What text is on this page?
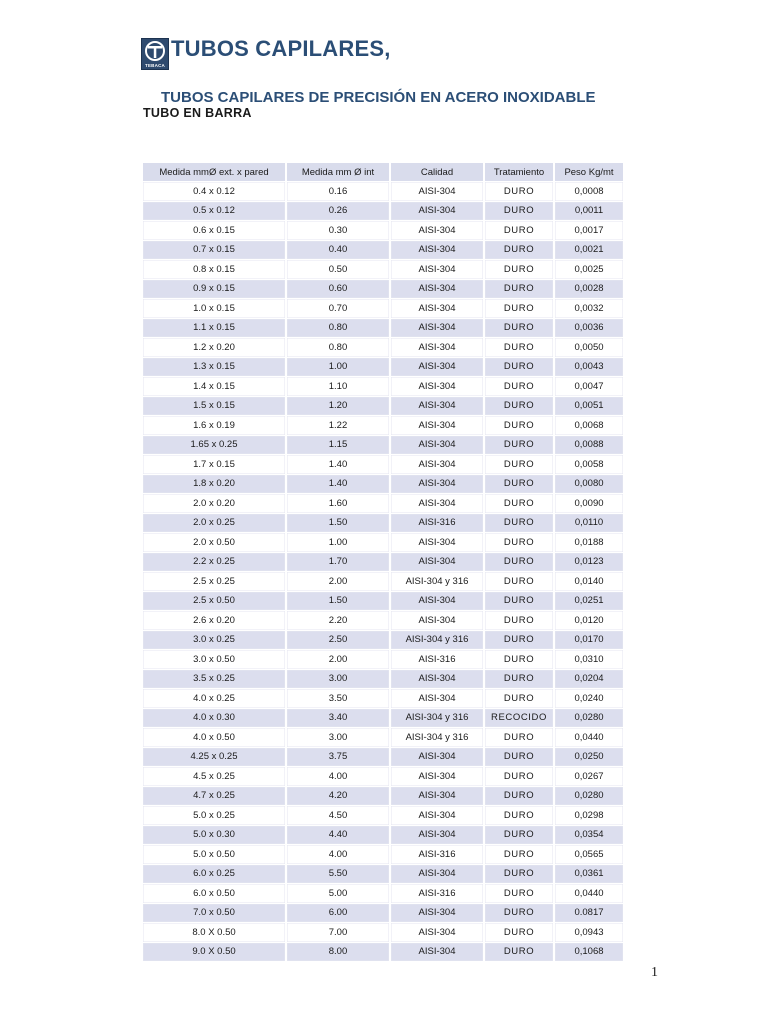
TEBACA
TUBOS CAPILARES,
TUBOS CAPILARES DE PRECISIÓN EN ACERO INOXIDABLE
TUBO EN BARRA
Medida mmØ ext. x pared	Medida mm Ø int	Calidad	Tratamiento	Peso Kg/mt
0.4 x 0.12	0.16	AISI-304	DURO	0,0008
0.5 x 0.12	0.26	AISI-304	DURO	0,0011
0.6 x 0.15	0.30	AISI-304	DURO	0,0017
0.7 x 0.15	0.40	AISI-304	DURO	0,0021
0.8 x 0.15	0.50	AISI-304	DURO	0,0025
0.9 x 0.15	0.60	AISI-304	DURO	0,0028
1.0 x 0.15	0.70	AISI-304	DURO	0,0032
1.1 x 0.15	0.80	AISI-304	DURO	0,0036
1.2 x 0.20	0.80	AISI-304	DURO	0,0050
1.3 x 0.15	1.00	AISI-304	DURO	0,0043
1.4 x 0.15	1.10	AISI-304	DURO	0,0047
1.5 x 0.15	1.20	AISI-304	DURO	0,0051
1.6 x 0.19	1.22	AISI-304	DURO	0,0068
1.65 x 0.25	1.15	AISI-304	DURO	0,0088
1.7 x 0.15	1.40	AISI-304	DURO	0,0058
1.8 x 0.20	1.40	AISI-304	DURO	0,0080
2.0 x 0.20	1.60	AISI-304	DURO	0,0090
2.0 x 0.25	1.50	AISI-316	DURO	0,0110
2.0 x 0.50	1.00	AISI-304	DURO	0,0188
2.2 x 0.25	1.70	AISI-304	DURO	0,0123
2.5 x 0.25	2.00	AISI-304 y 316	DURO	0,0140
2.5 x 0.50	1.50	AISI-304	DURO	0,0251
2.6 x 0.20	2.20	AISI-304	DURO	0,0120
3.0 x 0.25	2.50	AISI-304 y 316	DURO	0,0170
3.0 x 0.50	2.00	AISI-316	DURO	0,0310
3.5 x 0.25	3.00	AISI-304	DURO	0,0204
4.0 x 0.25	3.50	AISI-304	DURO	0,0240
4.0 x 0.30	3.40	AISI-304 y 316	RECOCIDO	0,0280
4.0 x 0.50	3.00	AISI-304 y 316	DURO	0,0440
4.25 x 0.25	3.75	AISI-304	DURO	0,0250
4.5 x 0.25	4.00	AISI-304	DURO	0,0267
4.7 x 0.25	4.20	AISI-304	DURO	0,0280
5.0 x 0.25	4.50	AISI-304	DURO	0,0298
5.0 x 0.30	4.40	AISI-304	DURO	0,0354
5.0 x 0.50	4.00	AISI-316	DURO	0,0565
6.0 x 0.25	5.50	AISI-304	DURO	0,0361
6.0 x 0.50	5.00	AISI-316	DURO	0,0440
7.0 x 0.50	6.00	AISI-304	DURO	0.0817
8.0 X 0.50	7.00	AISI-304	DURO	0,0943
9.0 X 0.50	8.00	AISI-304	DURO	0,1068
1
